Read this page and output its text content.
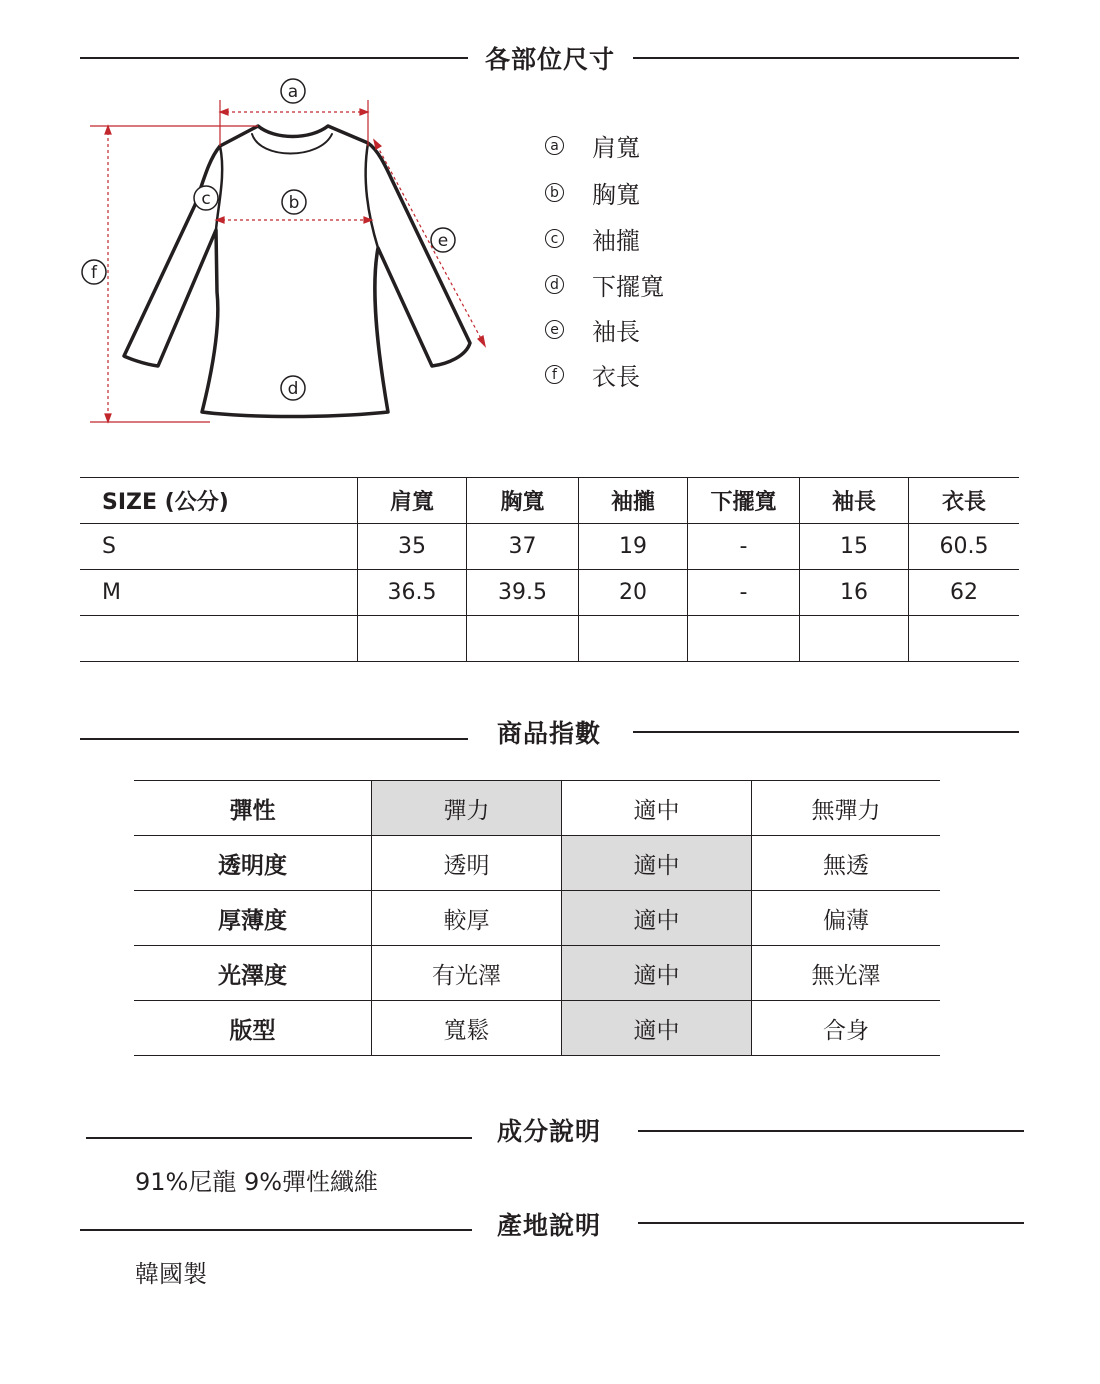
各部位尺寸
a
b
c
d
e
f
a 肩寬
b 胸寬
c 袖攏
d 下擺寬
e 袖長
f 衣長
SIZE (公分)	肩寬	胸寬	袖攏	下擺寬	袖長	衣長
S	35	37	19	-	15	60.5
M	36.5	39.5	20	-	16	62

商品指數
彈性	彈力	適中	無彈力
透明度	透明	適中	無透
厚薄度	較厚	適中	偏薄
光澤度	有光澤	適中	無光澤
版型	寬鬆	適中	合身
成分說明
91%尼龍 9%彈性纖維
產地說明
韓國製
